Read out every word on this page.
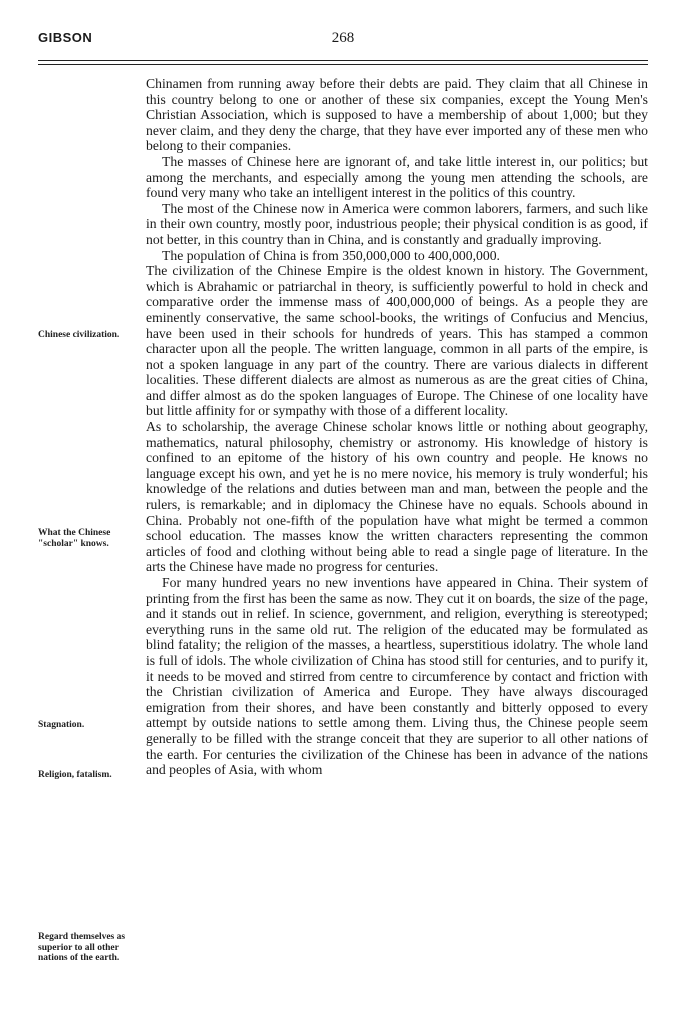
GIBSON	268

Chinamen from running away before their debts are paid. They claim that all Chinese in this country belong to one or another of these six companies, except the Young Men's Christian Association, which is supposed to have a membership of about 1,000; but they never claim, and they deny the charge, that they have ever imported any of these men who belong to their companies.

The masses of Chinese here are ignorant of, and take little interest in, our politics; but among the merchants, and especially among the young men attending the schools, are found very many who take an intelligent interest in the politics of this country.

The most of the Chinese now in America were common laborers, farmers, and such like in their own country, mostly poor, industrious people; their physical condition is as good, if not better, in this country than in China, and is constantly and gradually improving.

The population of China is from 350,000,000 to 400,000,000.

The civilization of the Chinese Empire is the oldest known in history. The Government, which is Abrahamic or patriarchal in theory, is sufficiently powerful to hold in check and comparative order the immense mass of 400,000,000 of beings. As a people they are eminently conservative, the same school-books, the writings of Confucius and Mencius, have been used in their schools for hundreds of years. This has stamped a common character upon all the people. The written language, common in all parts of the empire, is not a spoken language in any part of the country. There are various dialects in different localities. These different dialects are almost as numerous as are the great cities of China, and differ almost as do the spoken languages of Europe. The Chinese of one locality have but little affinity for or sympathy with those of a different locality.

As to scholarship, the average Chinese scholar knows little or nothing about geography, mathematics, natural philosophy, chemistry or astronomy. His knowledge of history is confined to an epitome of the history of his own country and people. He knows no language except his own, and yet he is no mere novice, his memory is truly wonderful; his knowledge of the relations and duties between man and man, between the people and the rulers, is remarkable; and in diplomacy the Chinese have no equals. Schools abound in China. Probably not one-fifth of the population have what might be termed a common school education. The masses know the written characters representing the common articles of food and clothing without being able to read a single page of literature. In the arts the Chinese have made no progress for centuries.

For many hundred years no new inventions have appeared in China. Their system of printing from the first has been the same as now. They cut it on boards, the size of the page, and it stands out in relief. In science, government, and religion, everything is stereotyped; everything runs in the same old rut. The religion of the educated may be formulated as blind fatality; the religion of the masses, a heartless, superstitious idolatry. The whole land is full of idols. The whole civilization of China has stood still for centuries, and to purify it, it needs to be moved and stirred from centre to circumference by contact and friction with the Christian civilization of America and Europe. They have always discouraged emigration from their shores, and have been constantly and bitterly opposed to every attempt by outside nations to settle among them. Living thus, the Chinese people seem generally to be filled with the strange conceit that they are superior to all other nations of the earth. For centuries the civilization of the Chinese has been in advance of the nations and peoples of Asia, with whom

Chinese civilization.
What the Chinese "scholar" knows.
Stagnation.
Religion, fatalism.
Regard themselves as superior to all other nations of the earth.
